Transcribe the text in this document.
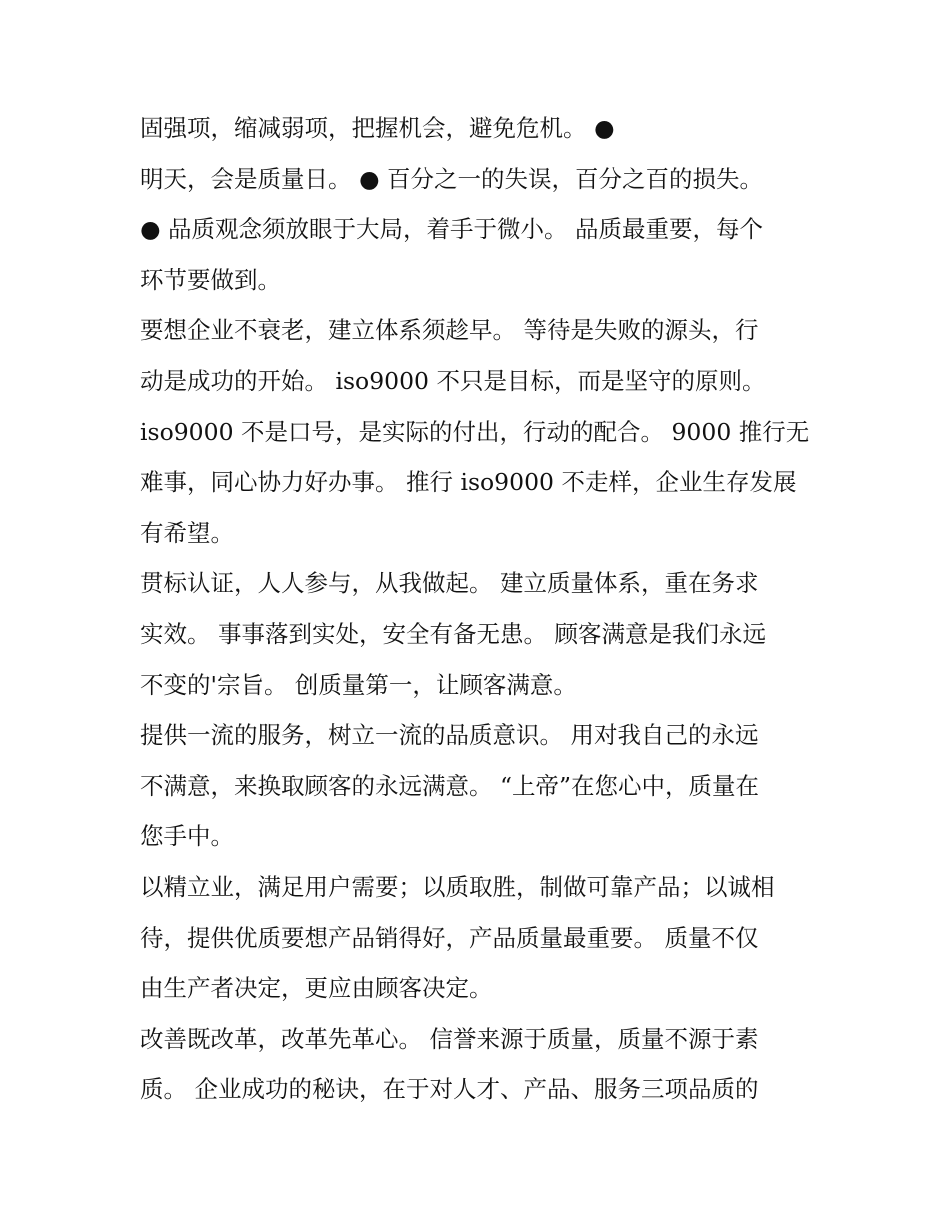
固强项，缩减弱项，把握机会，避免危机。 ●
明天，会是质量日。 ● 百分之一的失误，百分之百的损失。
● 品质观念须放眼于大局，着手于微小。 品质最重要，每个
环节要做到。
要想企业不衰老，建立体系须趁早。 等待是失败的源头，行
动是成功的开始。 iso9000 不只是目标，而是坚守的原则。
iso9000 不是口号，是实际的付出，行动的配合。 9000 推行无
难事，同心协力好办事。 推行 iso9000 不走样，企业生存发展
有希望。
贯标认证，人人参与，从我做起。 建立质量体系，重在务求
实效。 事事落到实处，安全有备无患。 顾客满意是我们永远
不变的'宗旨。 创质量第一，让顾客满意。
提供一流的服务，树立一流的品质意识。 用对我自己的永远
不满意，来换取顾客的永远满意。 “上帝”在您心中，质量在
您手中。
以精立业，满足用户需要；以质取胜，制做可靠产品；以诚相
待，提供优质要想产品销得好，产品质量最重要。 质量不仅
由生产者决定，更应由顾客决定。
改善既改革，改革先革心。 信誉来源于质量，质量不源于素
质。 企业成功的秘诀，在于对人才、产品、服务三项品质的
